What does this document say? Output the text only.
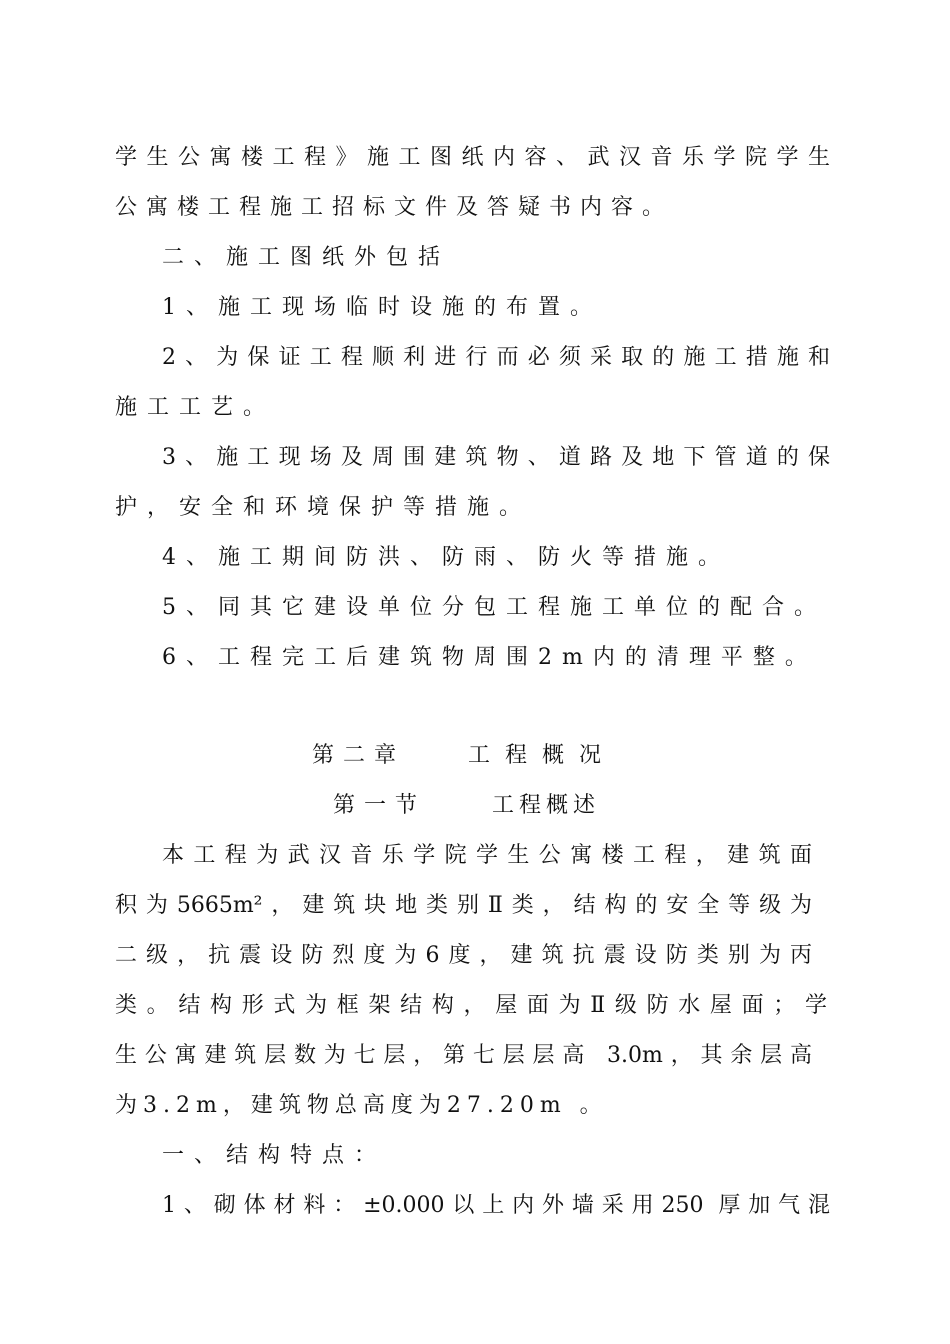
学生公寓楼工程》施工图纸内容、武汉音乐学院学生
公寓楼工程施工招标文件及答疑书内容。
二、施工图纸外包括
1、施工现场临时设施的布置。
2、为保证工程顺利进行而必须采取的施工措施和
施工工艺。
3、施工现场及周围建筑物、道路及地下管道的保
护，安全和环境保护等措施。
4、施工期间防洪、防雨、防火等措施。
5、同其它建设单位分包工程施工单位的配合。
6、工程完工后建筑物周围2m内的清理平整。
第二章	工 程 概 况
第一节	工程概述
本工程为武汉音乐学院学生公寓楼工程，建筑面
积为5665m²，建筑块地类别Ⅱ类，结构的安全等级为
二级，抗震设防烈度为6度，建筑抗震设防类别为丙
类。结构形式为框架结构，屋面为Ⅱ级防水屋面；学
生公寓建筑层数为七层，第七层层高 3.0m，其余层高
为3.2m，建筑物总高度为27.20m 。
一、结构特点：
1、砌体材料：±0.000以上内外墙采用250 厚加气混
